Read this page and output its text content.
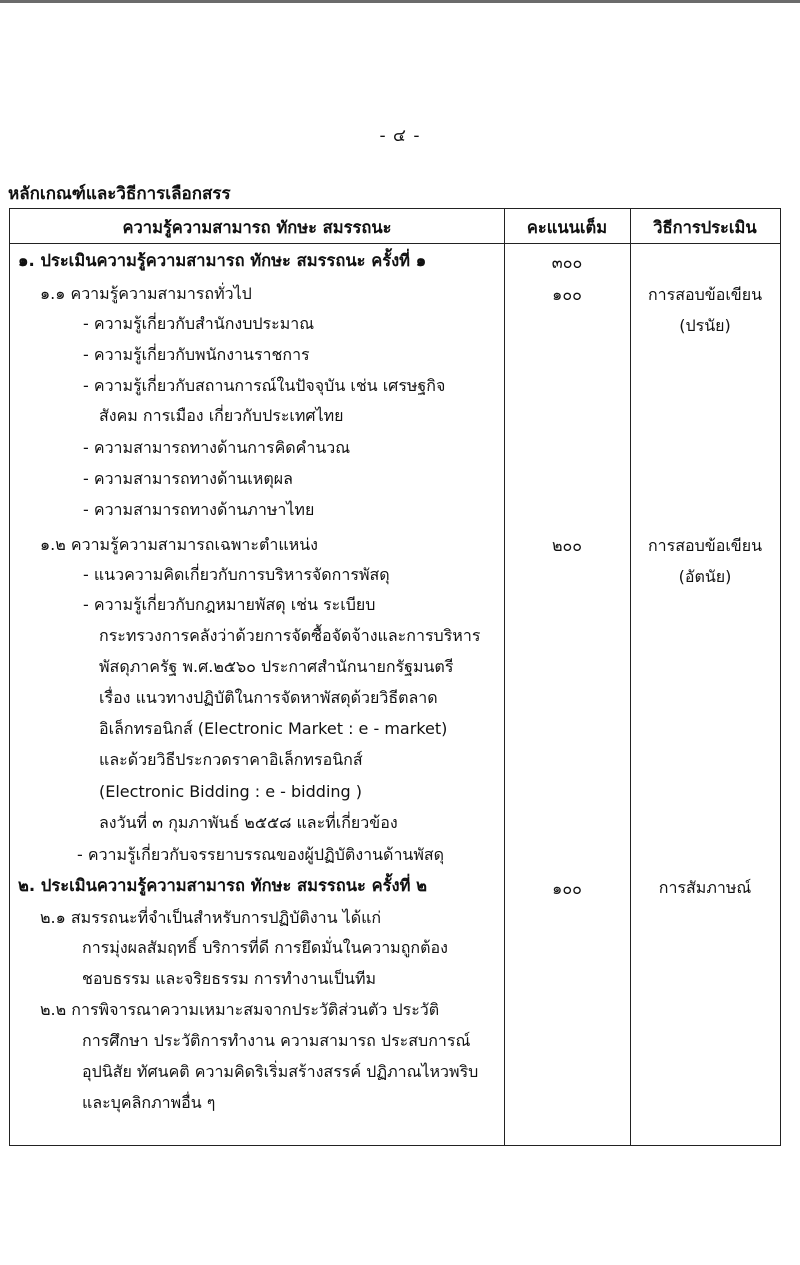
- ๔ -
หลักเกณฑ์และวิธีการเลือกสรร
ความรู้ความสามารถ ทักษะ สมรรถนะ	คะแนนเต็ม	วิธีการประเมิน
๑. ประเมินความรู้ความสามารถ ทักษะ สมรรถนะ ครั้งที่ ๑	๓๐๐
๑.๑ ความรู้ความสามารถทั่วไป	๑๐๐	การสอบข้อเขียน
(ปรนัย)
- ความรู้เกี่ยวกับสำนักงบประมาณ
- ความรู้เกี่ยวกับพนักงานราชการ
- ความรู้เกี่ยวกับสถานการณ์ในปัจจุบัน เช่น เศรษฐกิจ
สังคม การเมือง เกี่ยวกับประเทศไทย
- ความสามารถทางด้านการคิดคำนวณ
- ความสามารถทางด้านเหตุผล
- ความสามารถทางด้านภาษาไทย
๑.๒ ความรู้ความสามารถเฉพาะตำแหน่ง	๒๐๐	การสอบข้อเขียน
(อัตนัย)
- แนวความคิดเกี่ยวกับการบริหารจัดการพัสดุ
- ความรู้เกี่ยวกับกฎหมายพัสดุ เช่น ระเบียบ
กระทรวงการคลังว่าด้วยการจัดซื้อจัดจ้างและการบริหาร
พัสดุภาครัฐ พ.ศ.๒๕๖๐ ประกาศสำนักนายกรัฐมนตรี
เรื่อง แนวทางปฏิบัติในการจัดหาพัสดุด้วยวิธีตลาด
อิเล็กทรอนิกส์ (Electronic Market : e - market)
และด้วยวิธีประกวดราคาอิเล็กทรอนิกส์
(Electronic Bidding : e - bidding )
ลงวันที่ ๓ กุมภาพันธ์ ๒๕๕๘ และที่เกี่ยวข้อง
- ความรู้เกี่ยวกับจรรยาบรรณของผู้ปฏิบัติงานด้านพัสดุ
๒. ประเมินความรู้ความสามารถ ทักษะ สมรรถนะ ครั้งที่ ๒	๑๐๐	การสัมภาษณ์
๒.๑ สมรรถนะที่จำเป็นสำหรับการปฏิบัติงาน ได้แก่
การมุ่งผลสัมฤทธิ์ บริการที่ดี การยึดมั่นในความถูกต้อง
ชอบธรรม และจริยธรรม การทำงานเป็นทีม
๒.๒ การพิจารณาความเหมาะสมจากประวัติส่วนตัว ประวัติ
การศึกษา ประวัติการทำงาน ความสามารถ ประสบการณ์
อุปนิสัย ทัศนคติ ความคิดริเริ่มสร้างสรรค์ ปฏิภาณไหวพริบ
และบุคลิกภาพอื่น ๆ
